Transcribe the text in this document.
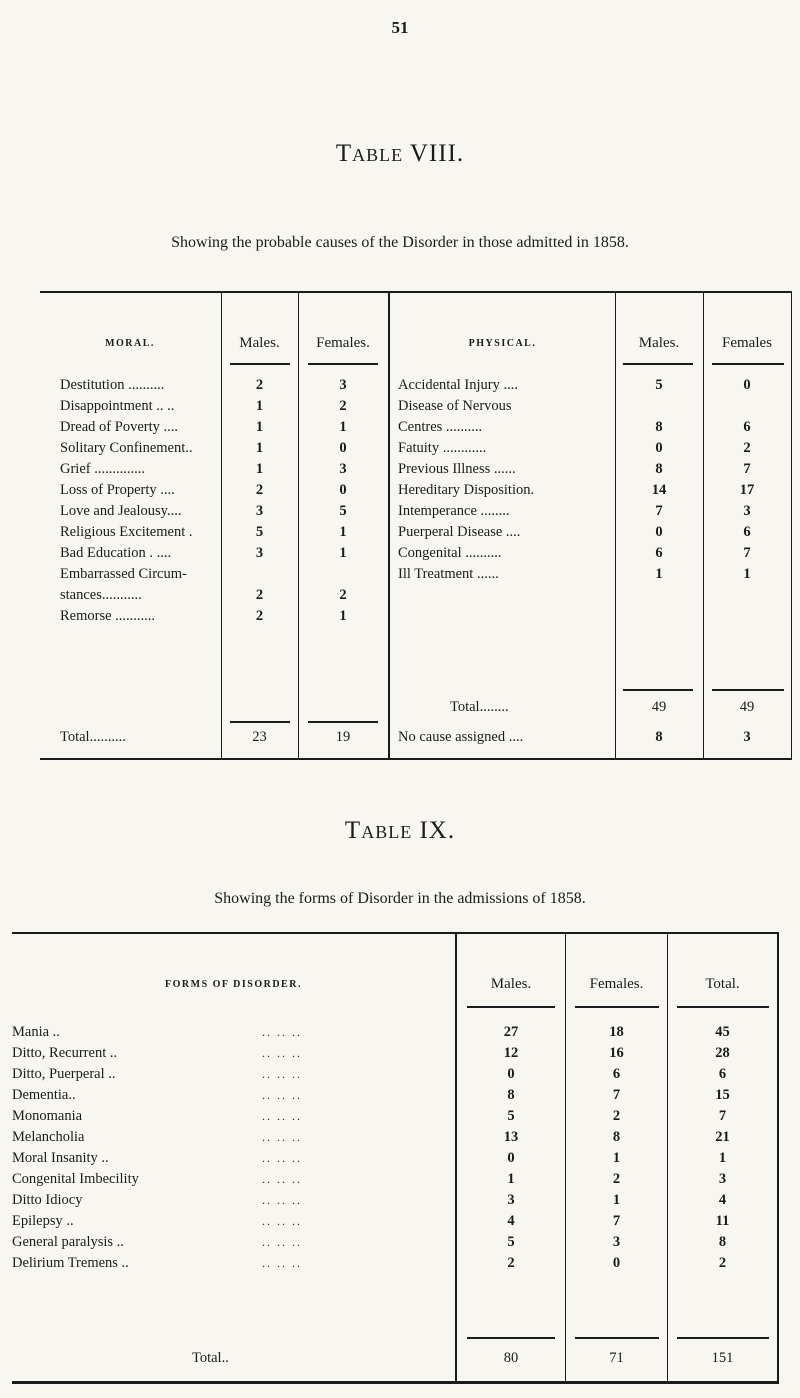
51
Table VIII.
Showing the probable causes of the Disorder in those admitted in 1858.
MORAL.	Males.	Females.	PHYSICAL.	Males.	Females
Destitution ..........	2	3
Disappointment .. ..	1	2
Dread of Poverty ....	1	1
Solitary Confinement..	1	0
Grief ..............	1	3
Loss of Property ....	2	0
Love and Jealousy....	3	5
Religious Excitement .	5	1
Bad Education . ....	3	1
Embarrassed Circum-
stances...........	2	2
Remorse ...........	2	1
Accidental Injury ....	5	0
Disease of Nervous
Centres ..........	8	6
Fatuity ............	0	2
Previous Illness ......	8	7
Hereditary Disposition.	14	17
Intemperance ........	7	3
Puerperal Disease ....	0	6
Congenital ..........	6	7
Ill Treatment ......	1	1
Total..........	23	19
Total........	49	49
No cause assigned ....	8	3
Table IX.
Showing the forms of Disorder in the admissions of 1858.
FORMS OF DISORDER.	Males.	Females.	Total.
Mania ..	.. .. ..	27	18	45
Ditto, Recurrent ..	.. .. ..	12	16	28
Ditto, Puerperal ..	.. .. ..	0	6	6
Dementia..	.. .. ..	8	7	15
Monomania	.. .. ..	5	2	7
Melancholia	.. .. ..	13	8	21
Moral Insanity ..	.. .. ..	0	1	1
Congenital Imbecility	.. .. ..	1	2	3
Ditto Idiocy	.. .. ..	3	1	4
Epilepsy ..	.. .. ..	4	7	11
General paralysis ..	.. .. ..	5	3	8
Delirium Tremens ..	.. .. ..	2	0	2
Total..	80	71	151
